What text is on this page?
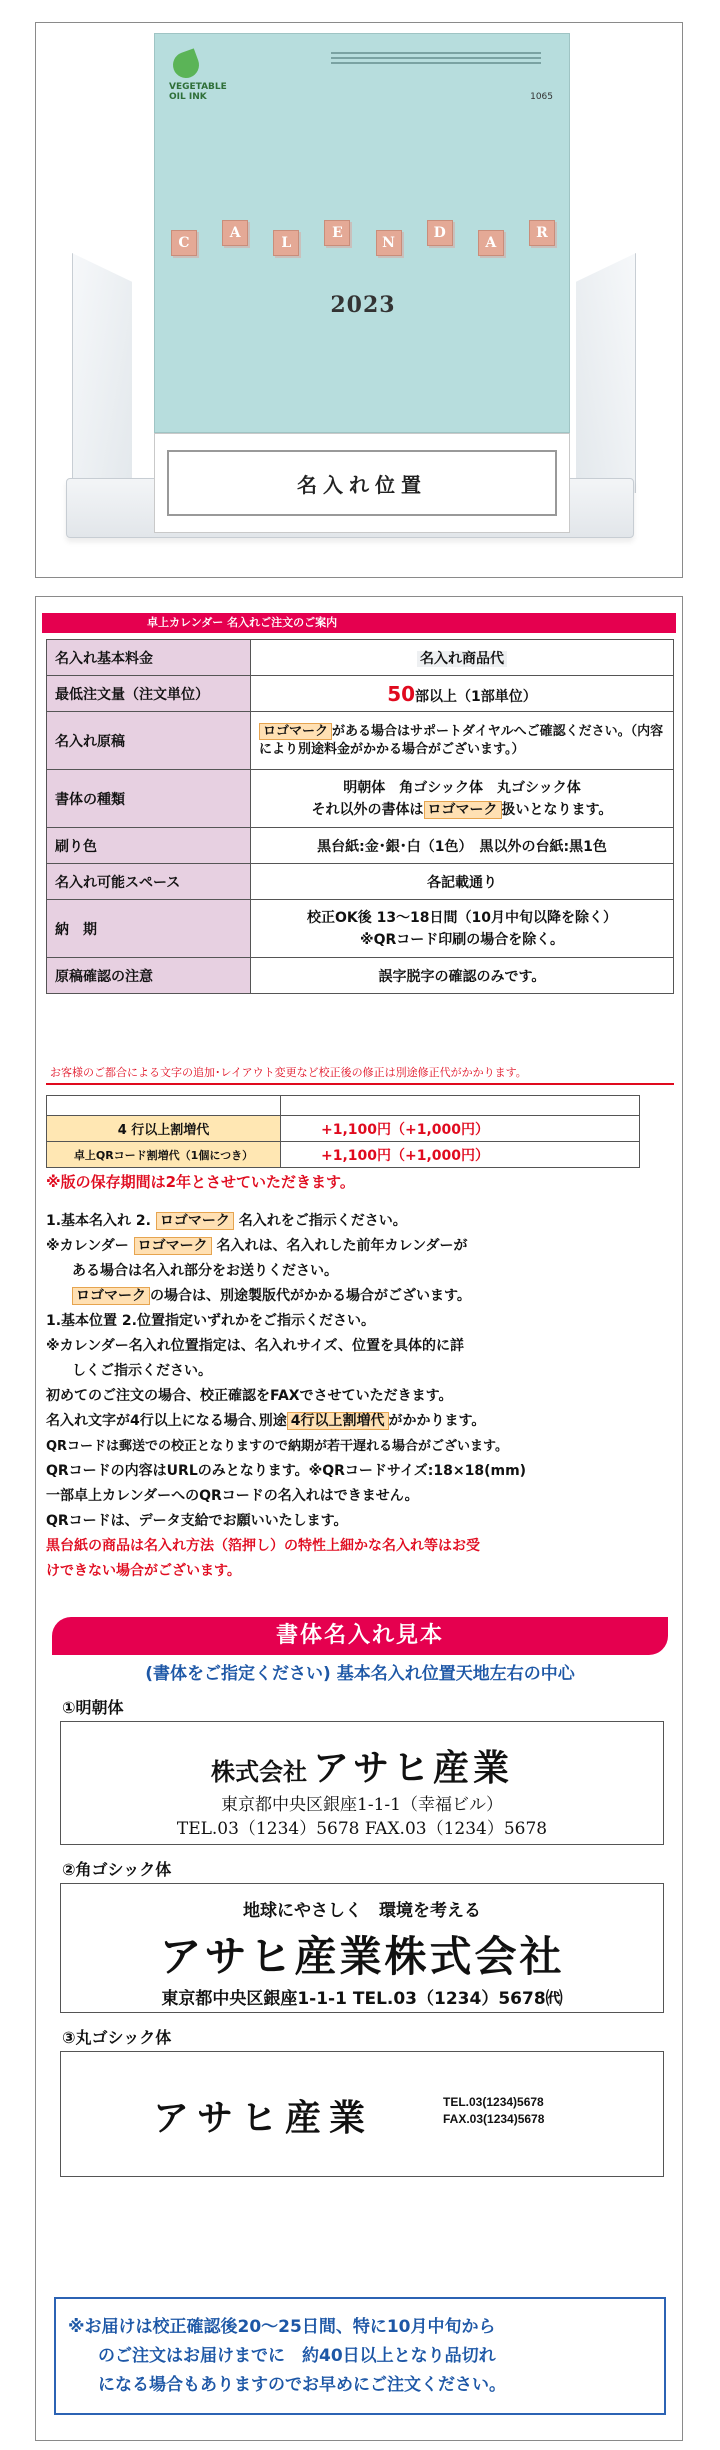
VEGETABLE
OIL INK	1065
C
A
L
E
N
D
A
R
2023
名入れ位置
卓上カレンダー 名入れご注文のご案内
名入れ基本料金	名入れ商品代
最低注文量（注文単位）	50部以上（1部単位）
名入れ原稿	ロゴマーク がある場合はサポートダイヤルへご確認ください。（内容により別途料金がかかる場合がございます。）
書体の種類	明朝体　角ゴシック体　丸ゴシック体
それ以外の書体は ロゴマーク 扱いとなります。

刷り色	黒台紙:金･銀･白（1色）　黒以外の台紙:黒1色
名入れ可能スペース	各記載通り
納　期	校正OK後 13〜18日間（10月中旬以降を除く）
※QRコード印刷の場合を除く。

原稿確認の注意	誤字脱字の確認のみです。
お客様のご都合による文字の追加･レイアウト変更など校正後の修正は別途修正代がかかります。

4 行以上割増代	+1,100円（+1,000円）
卓上QRコード割増代（1個につき）	+1,100円（+1,000円）
※版の保存期間は2年とさせていただきます。

1.基本名入れ 2. ロゴマーク 名入れをご指示ください。

※カレンダー ロゴマーク 名入れは、名入れした前年カレンダーが

ある場合は名入れ部分をお送りください。

ロゴマーク の場合は、別途製版代がかかる場合がございます。

1.基本位置 2.位置指定いずれかをご指示ください。

※カレンダー名入れ位置指定は、名入れサイズ、位置を具体的に詳

しくご指示ください。

初めてのご注文の場合、校正確認をFAXでさせていただきます。

名入れ文字が4行以上になる場合､別途 4行以上割増代 がかかります。

QRコードは郵送での校正となりますので納期が若干遅れる場合がございます。

QRコードの内容はURLのみとなります。※QRコードサイズ:18×18(mm)

一部卓上カレンダーへのQRコードの名入れはできません。

QRコードは、データ支給でお願いいたします。

黒台紙の商品は名入れ方法（箔押し）の特性上細かな名入れ等はお受

けできない場合がございます。

書体名入れ見本
(書体をご指定ください) 基本名入れ位置天地左右の中心
①明朝体
株式会社 アサヒ産業
東京都中央区銀座1-1-1（幸福ビル）
TEL.03（1234）5678 FAX.03（1234）5678
②角ゴシック体
地球にやさしく　環境を考える
アサヒ産業株式会社
東京都中央区銀座1-1-1 TEL.03（1234）5678㈹
③丸ゴシック体
アサヒ産業	TEL.03(1234)5678
FAX.03(1234)5678

※お届けは校正確認後20〜25日間、特に10月中旬から

のご注文はお届けまでに　約40日以上となり品切れ

になる場合もありますのでお早めにご注文ください。
